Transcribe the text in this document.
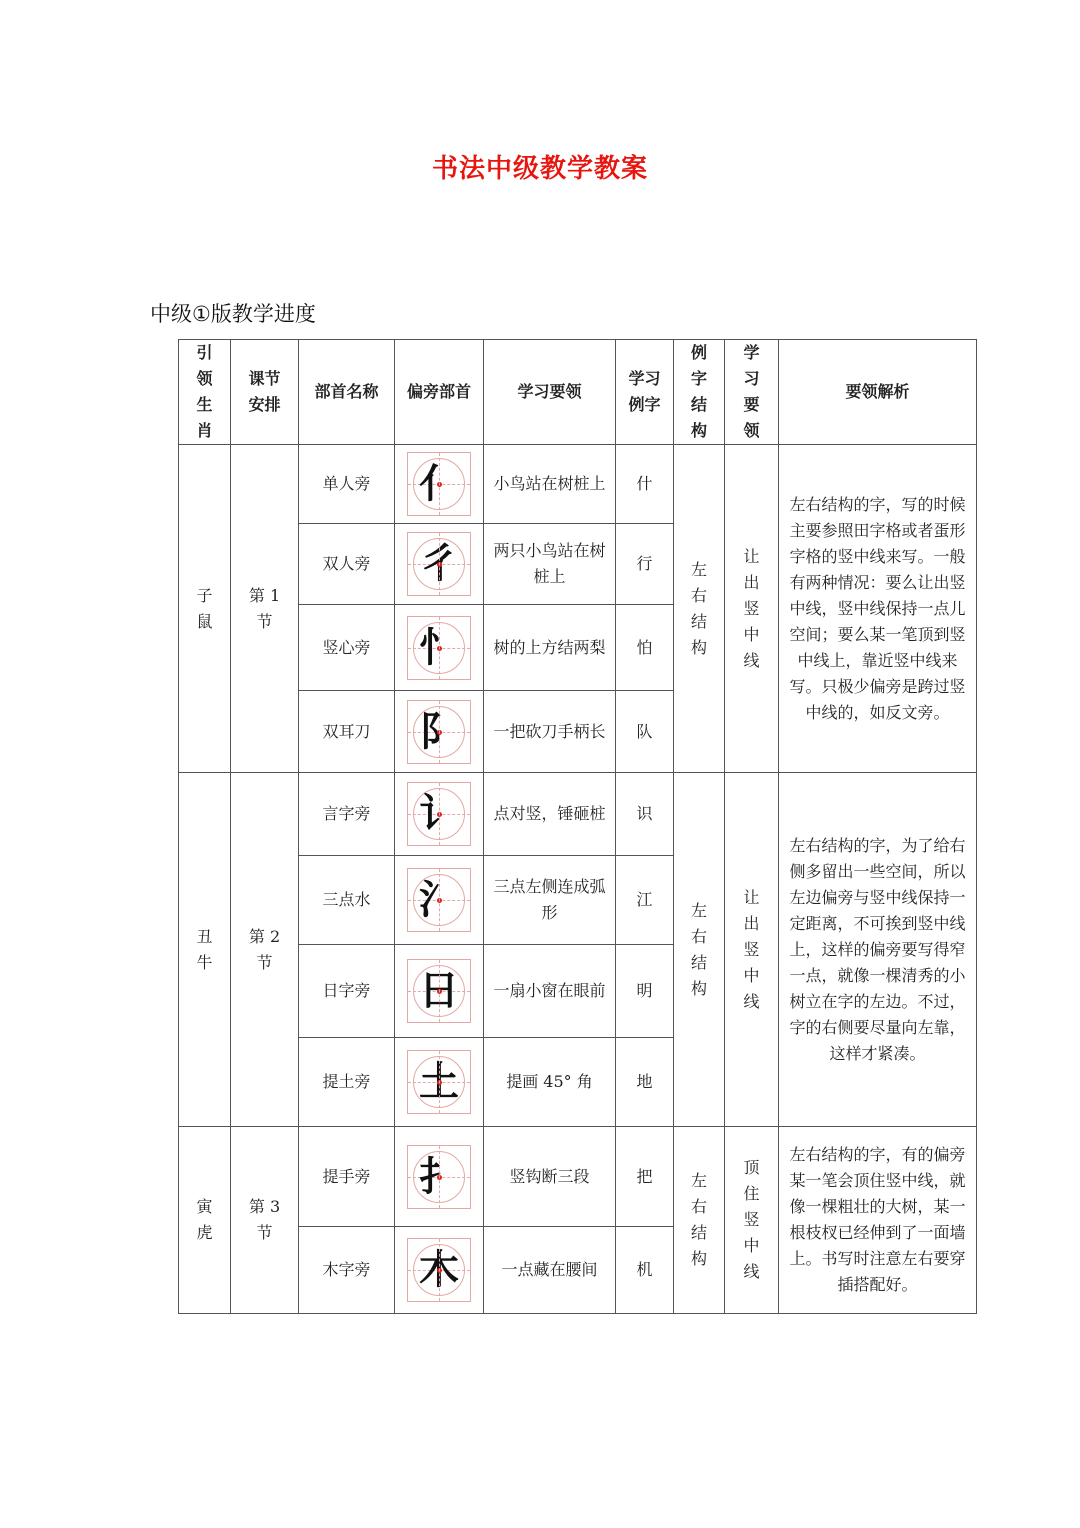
书法中级教学教案
中级①版教学进度
引领生肖	课节安排	部首名称	偏旁部首	学习要领	学习例字	例字结构	学习要领	要领解析
子鼠	第 1 节	单人旁	亻	小鸟站在树桩上	什	左右结构	让出竖中线	左右结构的字，写的时候主要参照田字格或者蛋形字格的竖中线来写。一般有两种情况：要么让出竖中线，竖中线保持一点儿空间；要么某一笔顶到竖中线上，靠近竖中线来写。只极少偏旁是跨过竖中线的，如反文旁。
		双人旁	彳	两只小鸟站在树桩上	行			
		竖心旁	忄	树的上方结两梨	怕			
		双耳刀	阝	一把砍刀手柄长	队			
丑牛	第 2 节	言字旁	讠	点对竖，锤砸桩	识	左右结构	让出竖中线	左右结构的字，为了给右侧多留出一些空间，所以左边偏旁与竖中线保持一定距离，不可挨到竖中线上，这样的偏旁要写得窄一点，就像一棵清秀的小树立在字的左边。不过，字的右侧要尽量向左靠，这样才紧凑。
		三点水	氵	三点左侧连成弧形	江			
		日字旁	日	一扇小窗在眼前	明			
		提土旁	土	提画 45° 角	地			
寅虎	第 3 节	提手旁	扌	竖钩断三段	把	左右结构	顶住竖中线	左右结构的字，有的偏旁某一笔会顶住竖中线，就像一棵粗壮的大树，某一根枝杈已经伸到了一面墙上。书写时注意左右要穿插搭配好。
		木字旁	木	一点藏在腰间	机			
